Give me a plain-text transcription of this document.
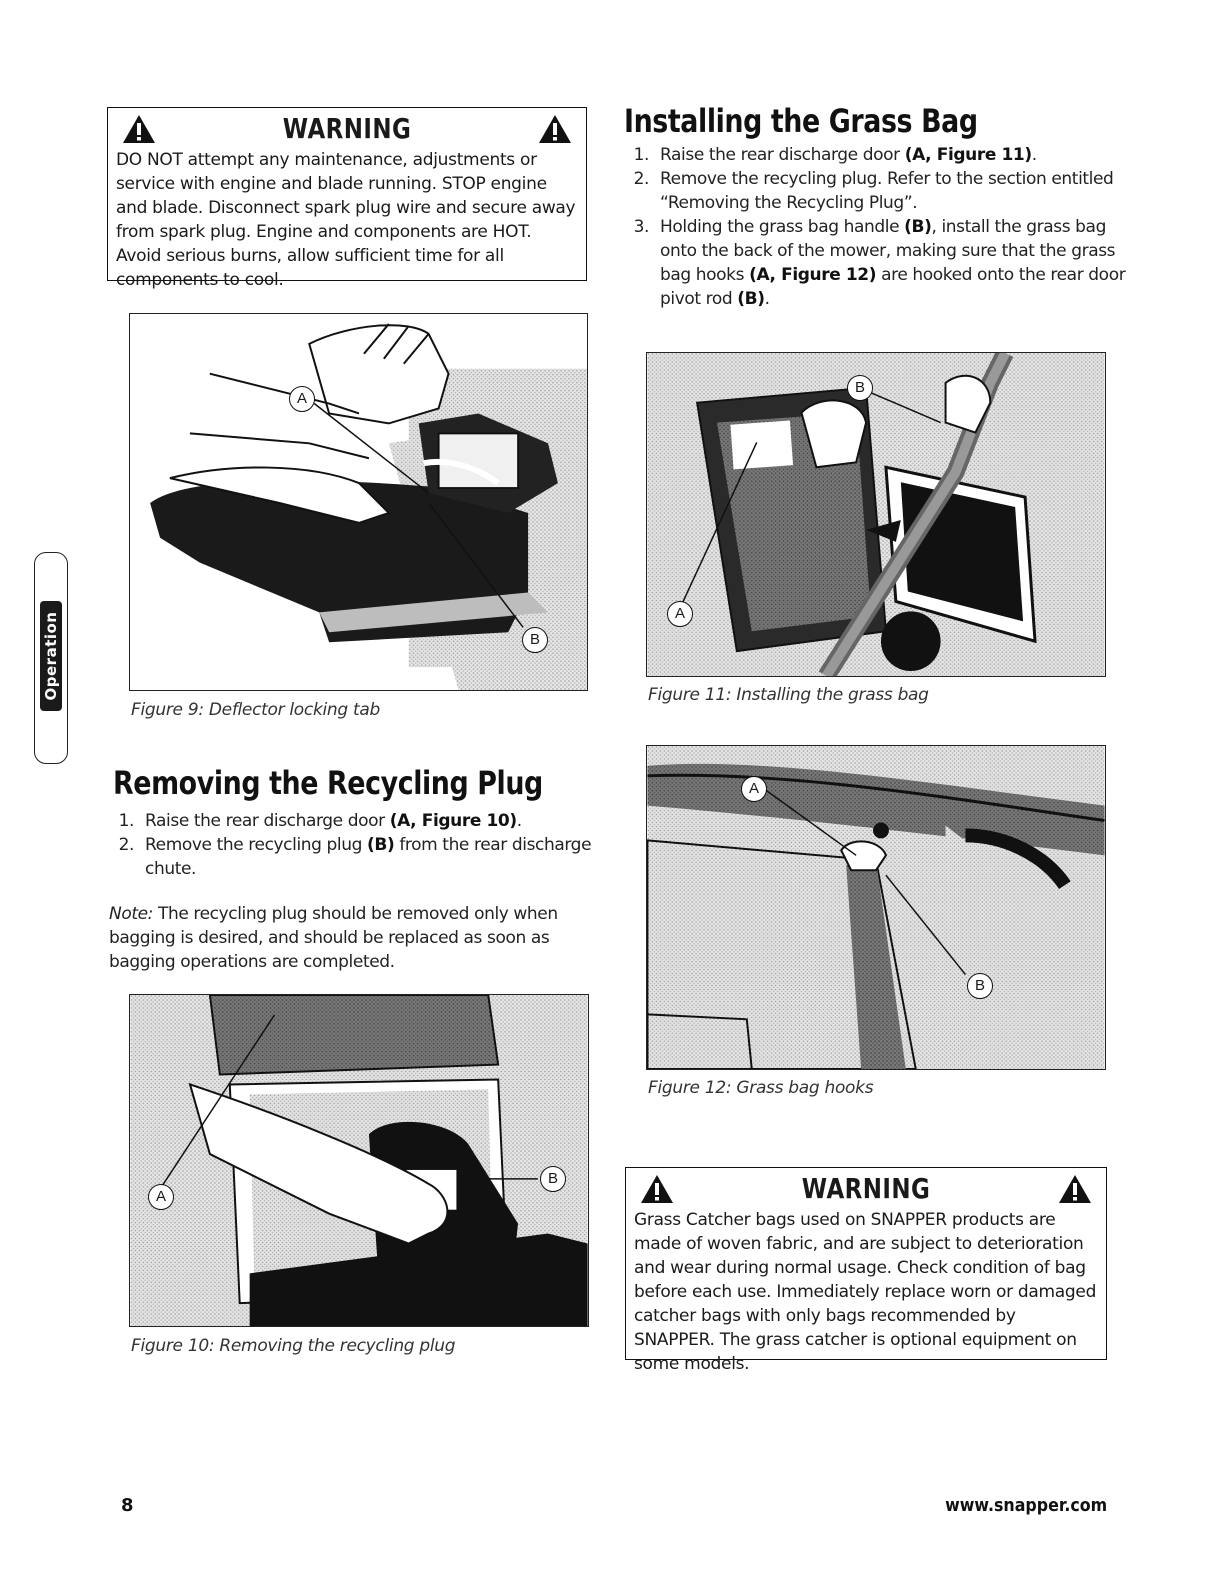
Operation
WARNING
DO NOT attempt any maintenance, adjustments or service with engine and blade running. STOP engine and blade. Disconnect spark plug wire and secure away from spark plug. Engine and components are HOT. Avoid serious burns, allow sufficient time for all components to cool.
A
B
Figure 9: Deflector locking tab
Removing the Recycling Plug
1. Raise the rear discharge door (A, Figure 10).
2. Remove the recycling plug (B) from the rear discharge chute.
Note: The recycling plug should be removed only when bagging is desired, and should be replaced as soon as bagging operations are completed.
A
B
Figure 10: Removing the recycling plug
Installing the Grass Bag
1. Raise the rear discharge door (A, Figure 11).
2. Remove the recycling plug. Refer to the section entitled “Removing the Recycling Plug”.
3. Holding the grass bag handle (B), install the grass bag onto the back of the mower, making sure that the grass bag hooks (A, Figure 12) are hooked onto the rear door pivot rod (B).
B
A
Figure 11: Installing the grass bag
A
B
Figure 12: Grass bag hooks
WARNING
Grass Catcher bags used on SNAPPER products are made of woven fabric, and are subject to deterioration and wear during normal usage. Check condition of bag before each use. Immediately replace worn or damaged catcher bags with only bags recommended by SNAPPER. The grass catcher is optional equipment on some models.
8	www.snapper.com
